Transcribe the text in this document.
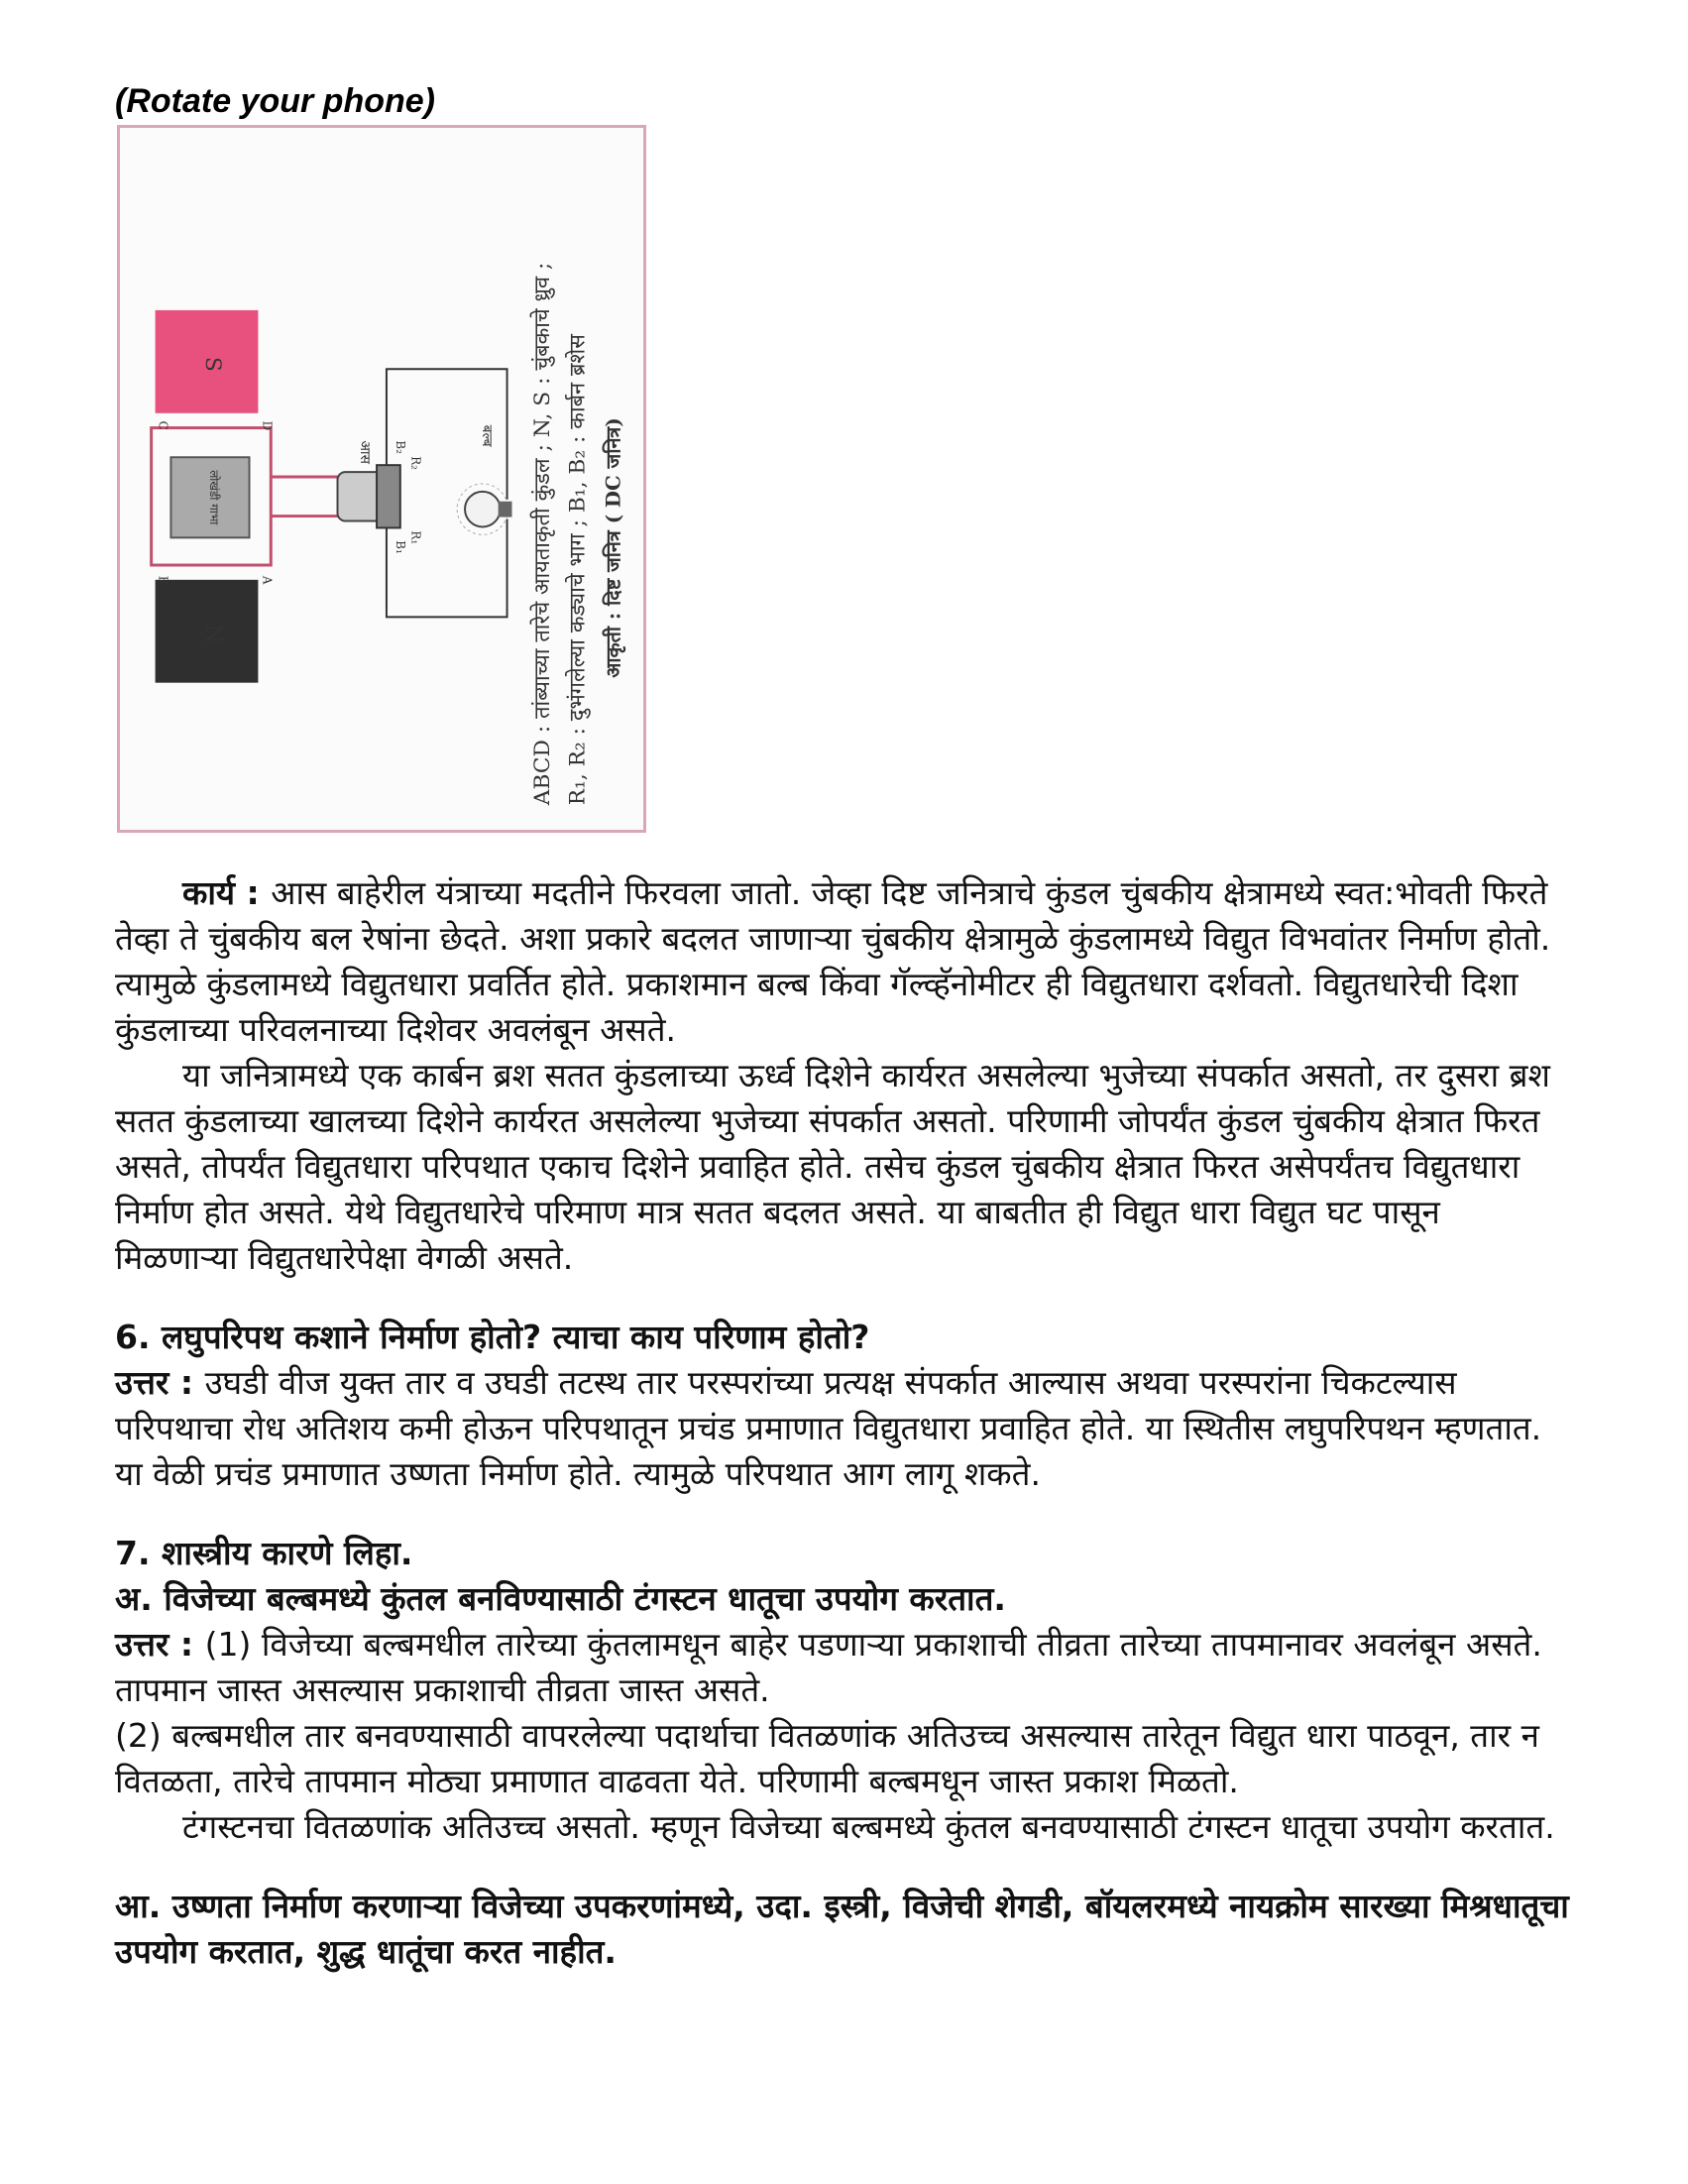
(Rotate your phone)
S
N
लोखंडी गाभा
C	D
B	A
आस
B₁
B₂
R₁
R₂
बल्ब ABCD : तांब्याच्या तारेचे आयताकृती कुंडल ; N, S : चुंबकाचे ध्रुव ; R₁, R₂ : दुभंगलेल्या कड्याचे भाग ; B₁, B₂ : कार्बन ब्रशेस आकृती : दिष्ट जनित्र ( DC जनित्र)

कार्य : आस बाहेरील यंत्राच्या मदतीने फिरवला जातो. जेव्हा दिष्ट जनित्राचे कुंडल चुंबकीय क्षेत्रामध्ये स्वत:भोवती फिरते तेव्हा ते चुंबकीय बल रेषांना छेदते. अशा प्रकारे बदलत जाणाऱ्या चुंबकीय क्षेत्रामुळे कुंडलामध्ये विद्युत विभवांतर निर्माण होतो. त्यामुळे कुंडलामध्ये विद्युतधारा प्रवर्तित होते. प्रकाशमान बल्ब किंवा गॅल्व्हॅनोमीटर ही विद्युतधारा दर्शवतो. विद्युतधारेची दिशा कुंडलाच्या परिवलनाच्या दिशेवर अवलंबून असते.

या जनित्रामध्ये एक कार्बन ब्रश सतत कुंडलाच्या ऊर्ध्व दिशेने कार्यरत असलेल्या भुजेच्या संपर्कात असतो, तर दुसरा ब्रश सतत कुंडलाच्या खालच्या दिशेने कार्यरत असलेल्या भुजेच्या संपर्कात असतो. परिणामी जोपर्यंत कुंडल चुंबकीय क्षेत्रात फिरत असते, तोपर्यंत विद्युतधारा परिपथात एकाच दिशेने प्रवाहित होते. तसेच कुंडल चुंबकीय क्षेत्रात फिरत असेपर्यंतच विद्युतधारा निर्माण होत असते. येथे विद्युतधारेचे परिमाण मात्र सतत बदलत असते. या बाबतीत ही विद्युत धारा विद्युत घट पासून मिळणाऱ्या विद्युतधारेपेक्षा वेगळी असते.

6. लघुपरिपथ कशाने निर्माण होतो? त्याचा काय परिणाम होतो?

उत्तर : उघडी वीज युक्त तार व उघडी तटस्थ तार परस्परांच्या प्रत्यक्ष संपर्कात आल्यास अथवा परस्परांना चिकटल्यास परिपथाचा रोध अतिशय कमी होऊन परिपथातून प्रचंड प्रमाणात विद्युतधारा प्रवाहित होते. या स्थितीस लघुपरिपथन म्हणतात. या वेळी प्रचंड प्रमाणात उष्णता निर्माण होते. त्यामुळे परिपथात आग लागू शकते.

7. शास्त्रीय कारणे लिहा.

अ. विजेच्या बल्बमध्ये कुंतल बनविण्यासाठी टंगस्टन धातूचा उपयोग करतात.

उत्तर : (1) विजेच्या बल्बमधील तारेच्या कुंतलामधून बाहेर पडणाऱ्या प्रकाशाची तीव्रता तारेच्या तापमानावर अवलंबून असते. तापमान जास्त असल्यास प्रकाशाची तीव्रता जास्त असते.

(2) बल्बमधील तार बनवण्यासाठी वापरलेल्या पदार्थाचा वितळणांक अतिउच्च असल्यास तारेतून विद्युत धारा पाठवून, तार न वितळता, तारेचे तापमान मोठ्या प्रमाणात वाढवता येते. परिणामी बल्बमधून जास्त प्रकाश मिळतो.

टंगस्टनचा वितळणांक अतिउच्च असतो. म्हणून विजेच्या बल्बमध्ये कुंतल बनवण्यासाठी टंगस्टन धातूचा उपयोग करतात.

आ. उष्णता निर्माण करणाऱ्या विजेच्या उपकरणांमध्ये, उदा. इस्त्री, विजेची शेगडी, बॉयलरमध्ये नायक्रोम सारख्या मिश्रधातूचा उपयोग करतात, शुद्ध धातूंचा करत नाहीत.
